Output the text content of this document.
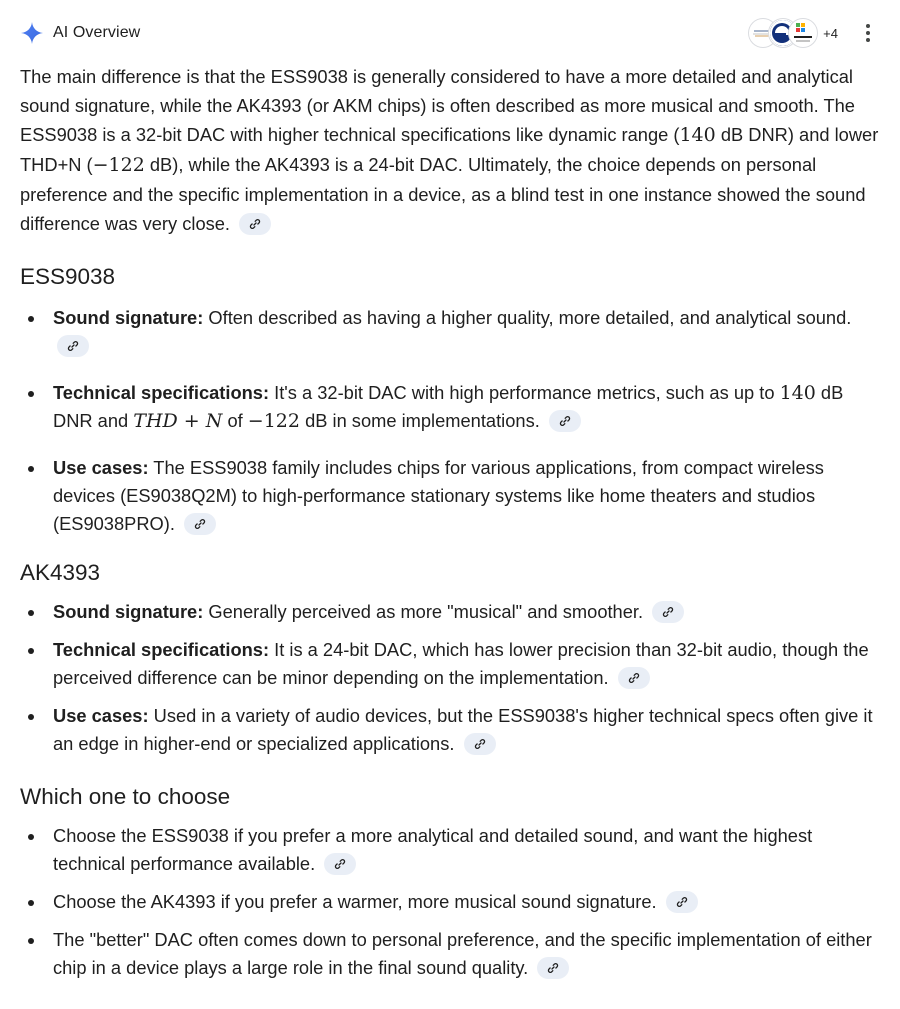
AI Overview	+4

The main difference is that the ESS9038 is generally considered to have a more detailed and analytical sound signature, while the AK4393 (or AKM chips) is often described as more musical and smooth. The ESS9038 is a 32-bit DAC with higher technical specifications like dynamic range (140 dB DNR) and lower THD+N (−122 dB), while the AK4393 is a 24-bit DAC. Ultimately, the choice depends on personal preference and the specific implementation in a device, as a blind test in one instance showed the sound difference was very close.

ESS9038
Sound signature: Often described as having a higher quality, more detailed, and analytical sound.
Technical specifications: It's a 32-bit DAC with high performance metrics, such as up to 140 dB DNR and THD + N of −122 dB in some implementations.
Use cases: The ESS9038 family includes chips for various applications, from compact wireless devices (ES9038Q2M) to high-performance stationary systems like home theaters and studios (ES9038PRO).
AK4393
Sound signature: Generally perceived as more "musical" and smoother.
Technical specifications: It is a 24-bit DAC, which has lower precision than 32-bit audio, though the perceived difference can be minor depending on the implementation.
Use cases: Used in a variety of audio devices, but the ESS9038's higher technical specs often give it an edge in higher-end or specialized applications.
Which one to choose
Choose the ESS9038 if you prefer a more analytical and detailed sound, and want the highest technical performance available.
Choose the AK4393 if you prefer a warmer, more musical sound signature.
The "better" DAC often comes down to personal preference, and the specific implementation of either chip in a device plays a large role in the final sound quality.
